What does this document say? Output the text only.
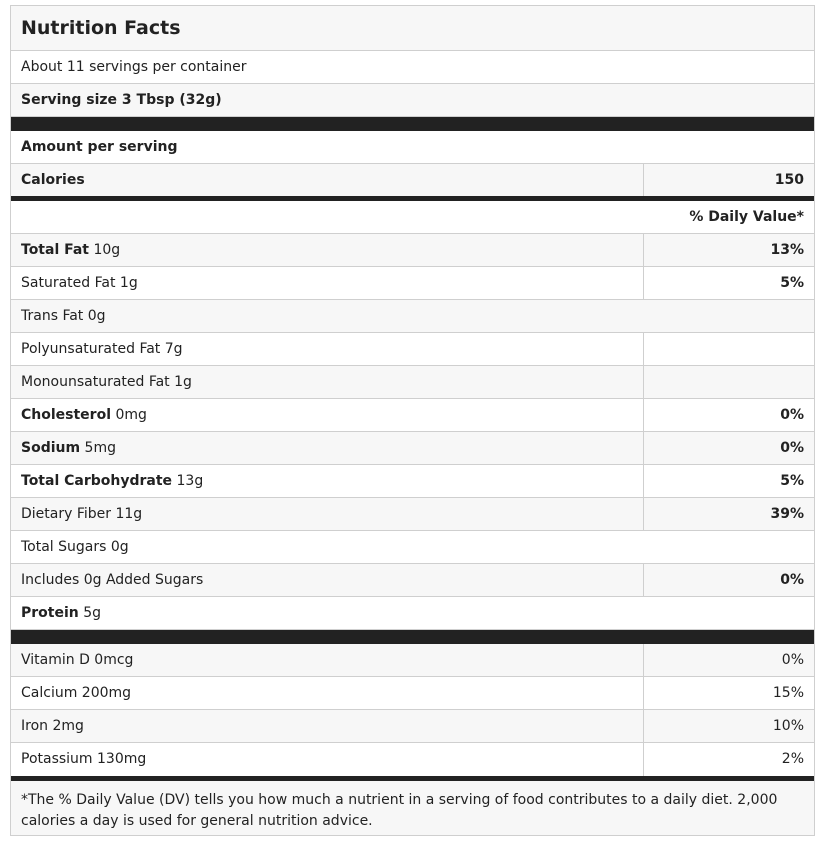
Nutrition Facts
About 11 servings per container
Serving size 3 Tbsp (32g)
Amount per serving
Calories	150
% Daily Value*
Total Fat 10g	13%
Saturated Fat 1g	5%
Trans Fat 0g
Polyunsaturated Fat 7g
Monounsaturated Fat 1g
Cholesterol 0mg	0%
Sodium 5mg	0%
Total Carbohydrate 13g	5%
Dietary Fiber 11g	39%
Total Sugars 0g
Includes 0g Added Sugars	0%
Protein 5g
Vitamin D 0mcg	0%
Calcium 200mg	15%
Iron 2mg	10%
Potassium 130mg	2%
*The % Daily Value (DV) tells you how much a nutrient in a serving of food contributes to a daily diet. 2,000 calories a day is used for general nutrition advice.
